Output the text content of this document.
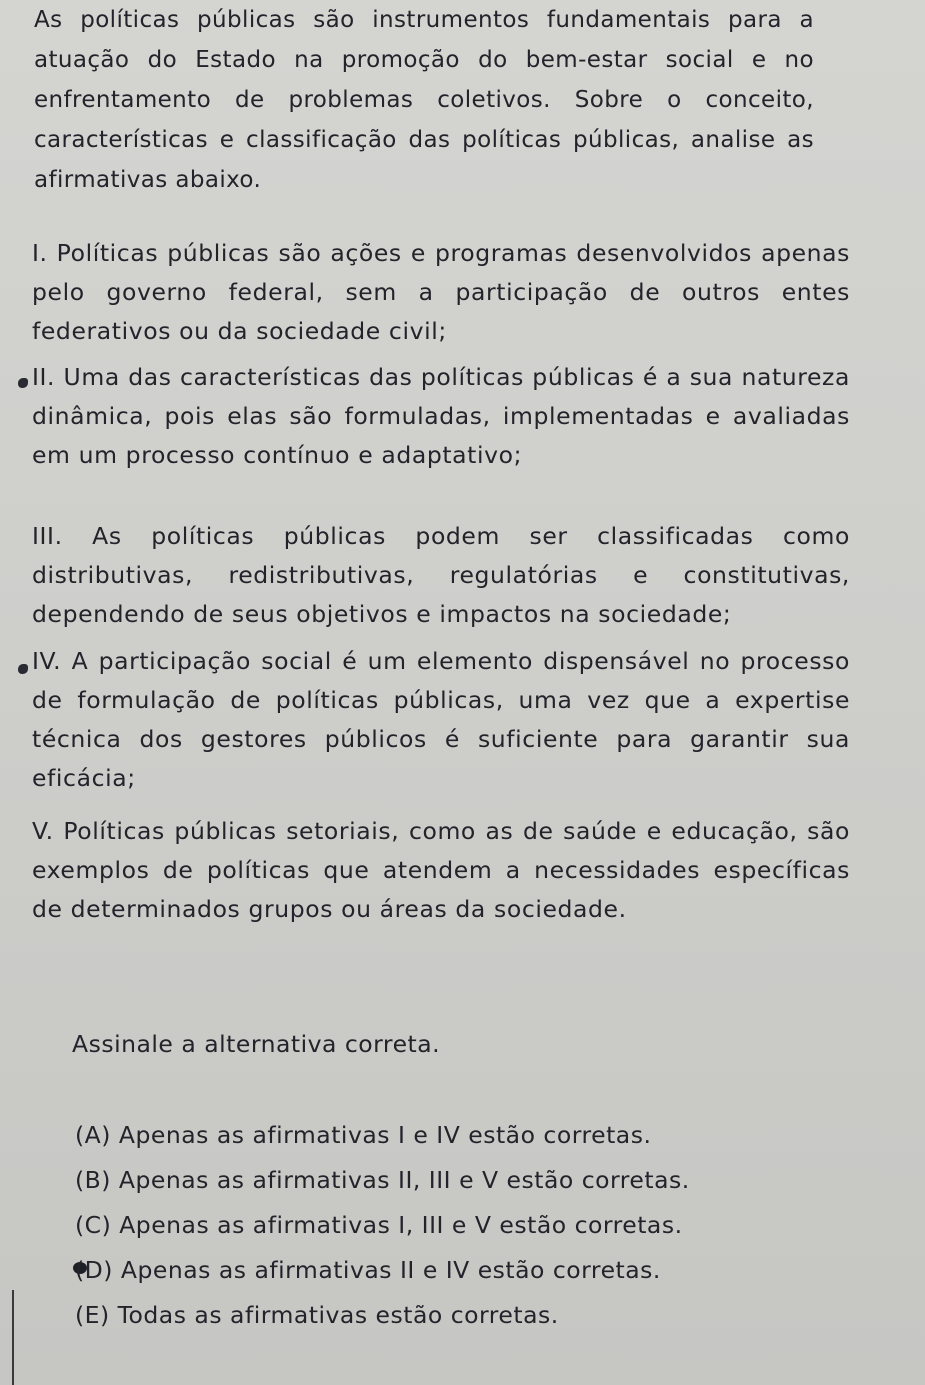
As políticas públicas são instrumentos fundamentais para a atuação do Estado na promoção do bem-estar social e no enfrentamento de problemas coletivos. Sobre o conceito, características e classificação das políticas públicas, analise as afirmativas abaixo.

I. Políticas públicas são ações e programas desenvolvidos apenas pelo governo federal, sem a participação de outros entes federativos ou da sociedade civil;

II. Uma das características das políticas públicas é a sua natureza dinâmica, pois elas são formuladas, implementadas e avaliadas em um processo contínuo e adaptativo;

III. As políticas públicas podem ser classificadas como distributivas, redistributivas, regulatórias e constitutivas, dependendo de seus objetivos e impactos na sociedade;

IV. A participação social é um elemento dispensável no processo de formulação de políticas públicas, uma vez que a expertise técnica dos gestores públicos é suficiente para garantir sua eficácia;

V. Políticas públicas setoriais, como as de saúde e educação, são exemplos de políticas que atendem a necessidades específicas de determinados grupos ou áreas da sociedade.

Assinale a alternativa correta.

(A) Apenas as afirmativas I e IV estão corretas.
(B) Apenas as afirmativas II, III e V estão corretas.
(C) Apenas as afirmativas I, III e V estão corretas.
(D) Apenas as afirmativas II e IV estão corretas.
(E) Todas as afirmativas estão corretas.
